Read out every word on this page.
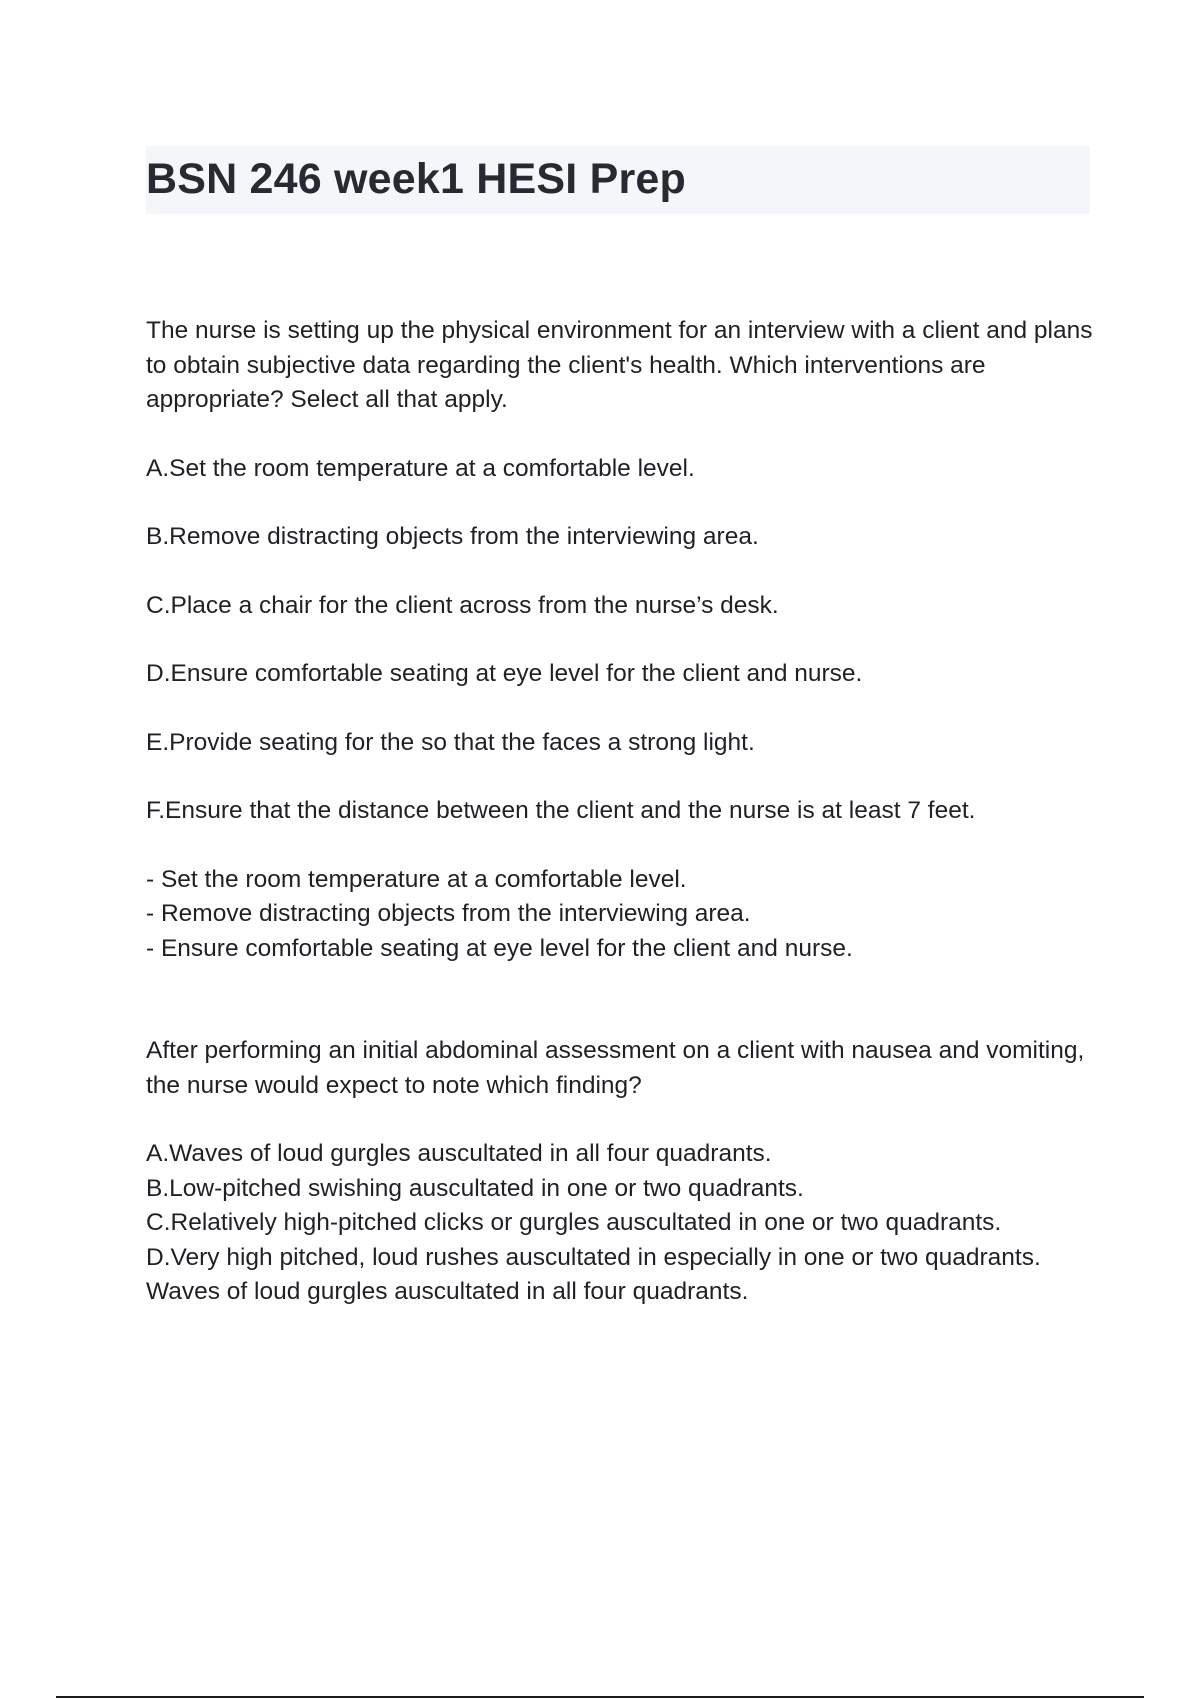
BSN 246 week1 HESI Prep

The nurse is setting up the physical environment for an interview with a client and plans to obtain subjective data regarding the client's health. Which interventions are appropriate? Select all that apply.

A.Set the room temperature at a comfortable level.

B.Remove distracting objects from the interviewing area.

C.Place a chair for the client across from the nurse’s desk.

D.Ensure comfortable seating at eye level for the client and nurse.

E.Provide seating for the so that the faces a strong light.

F.Ensure that the distance between the client and the nurse is at least 7 feet.

- Set the room temperature at a comfortable level.

- Remove distracting objects from the interviewing area.

- Ensure comfortable seating at eye level for the client and nurse.

After performing an initial abdominal assessment on a client with nausea and vomiting, the nurse would expect to note which finding?

A.Waves of loud gurgles auscultated in all four quadrants.

B.Low-pitched swishing auscultated in one or two quadrants.

C.Relatively high-pitched clicks or gurgles auscultated in one or two quadrants.

D.Very high pitched, loud rushes auscultated in especially in one or two quadrants.

Waves of loud gurgles auscultated in all four quadrants.
